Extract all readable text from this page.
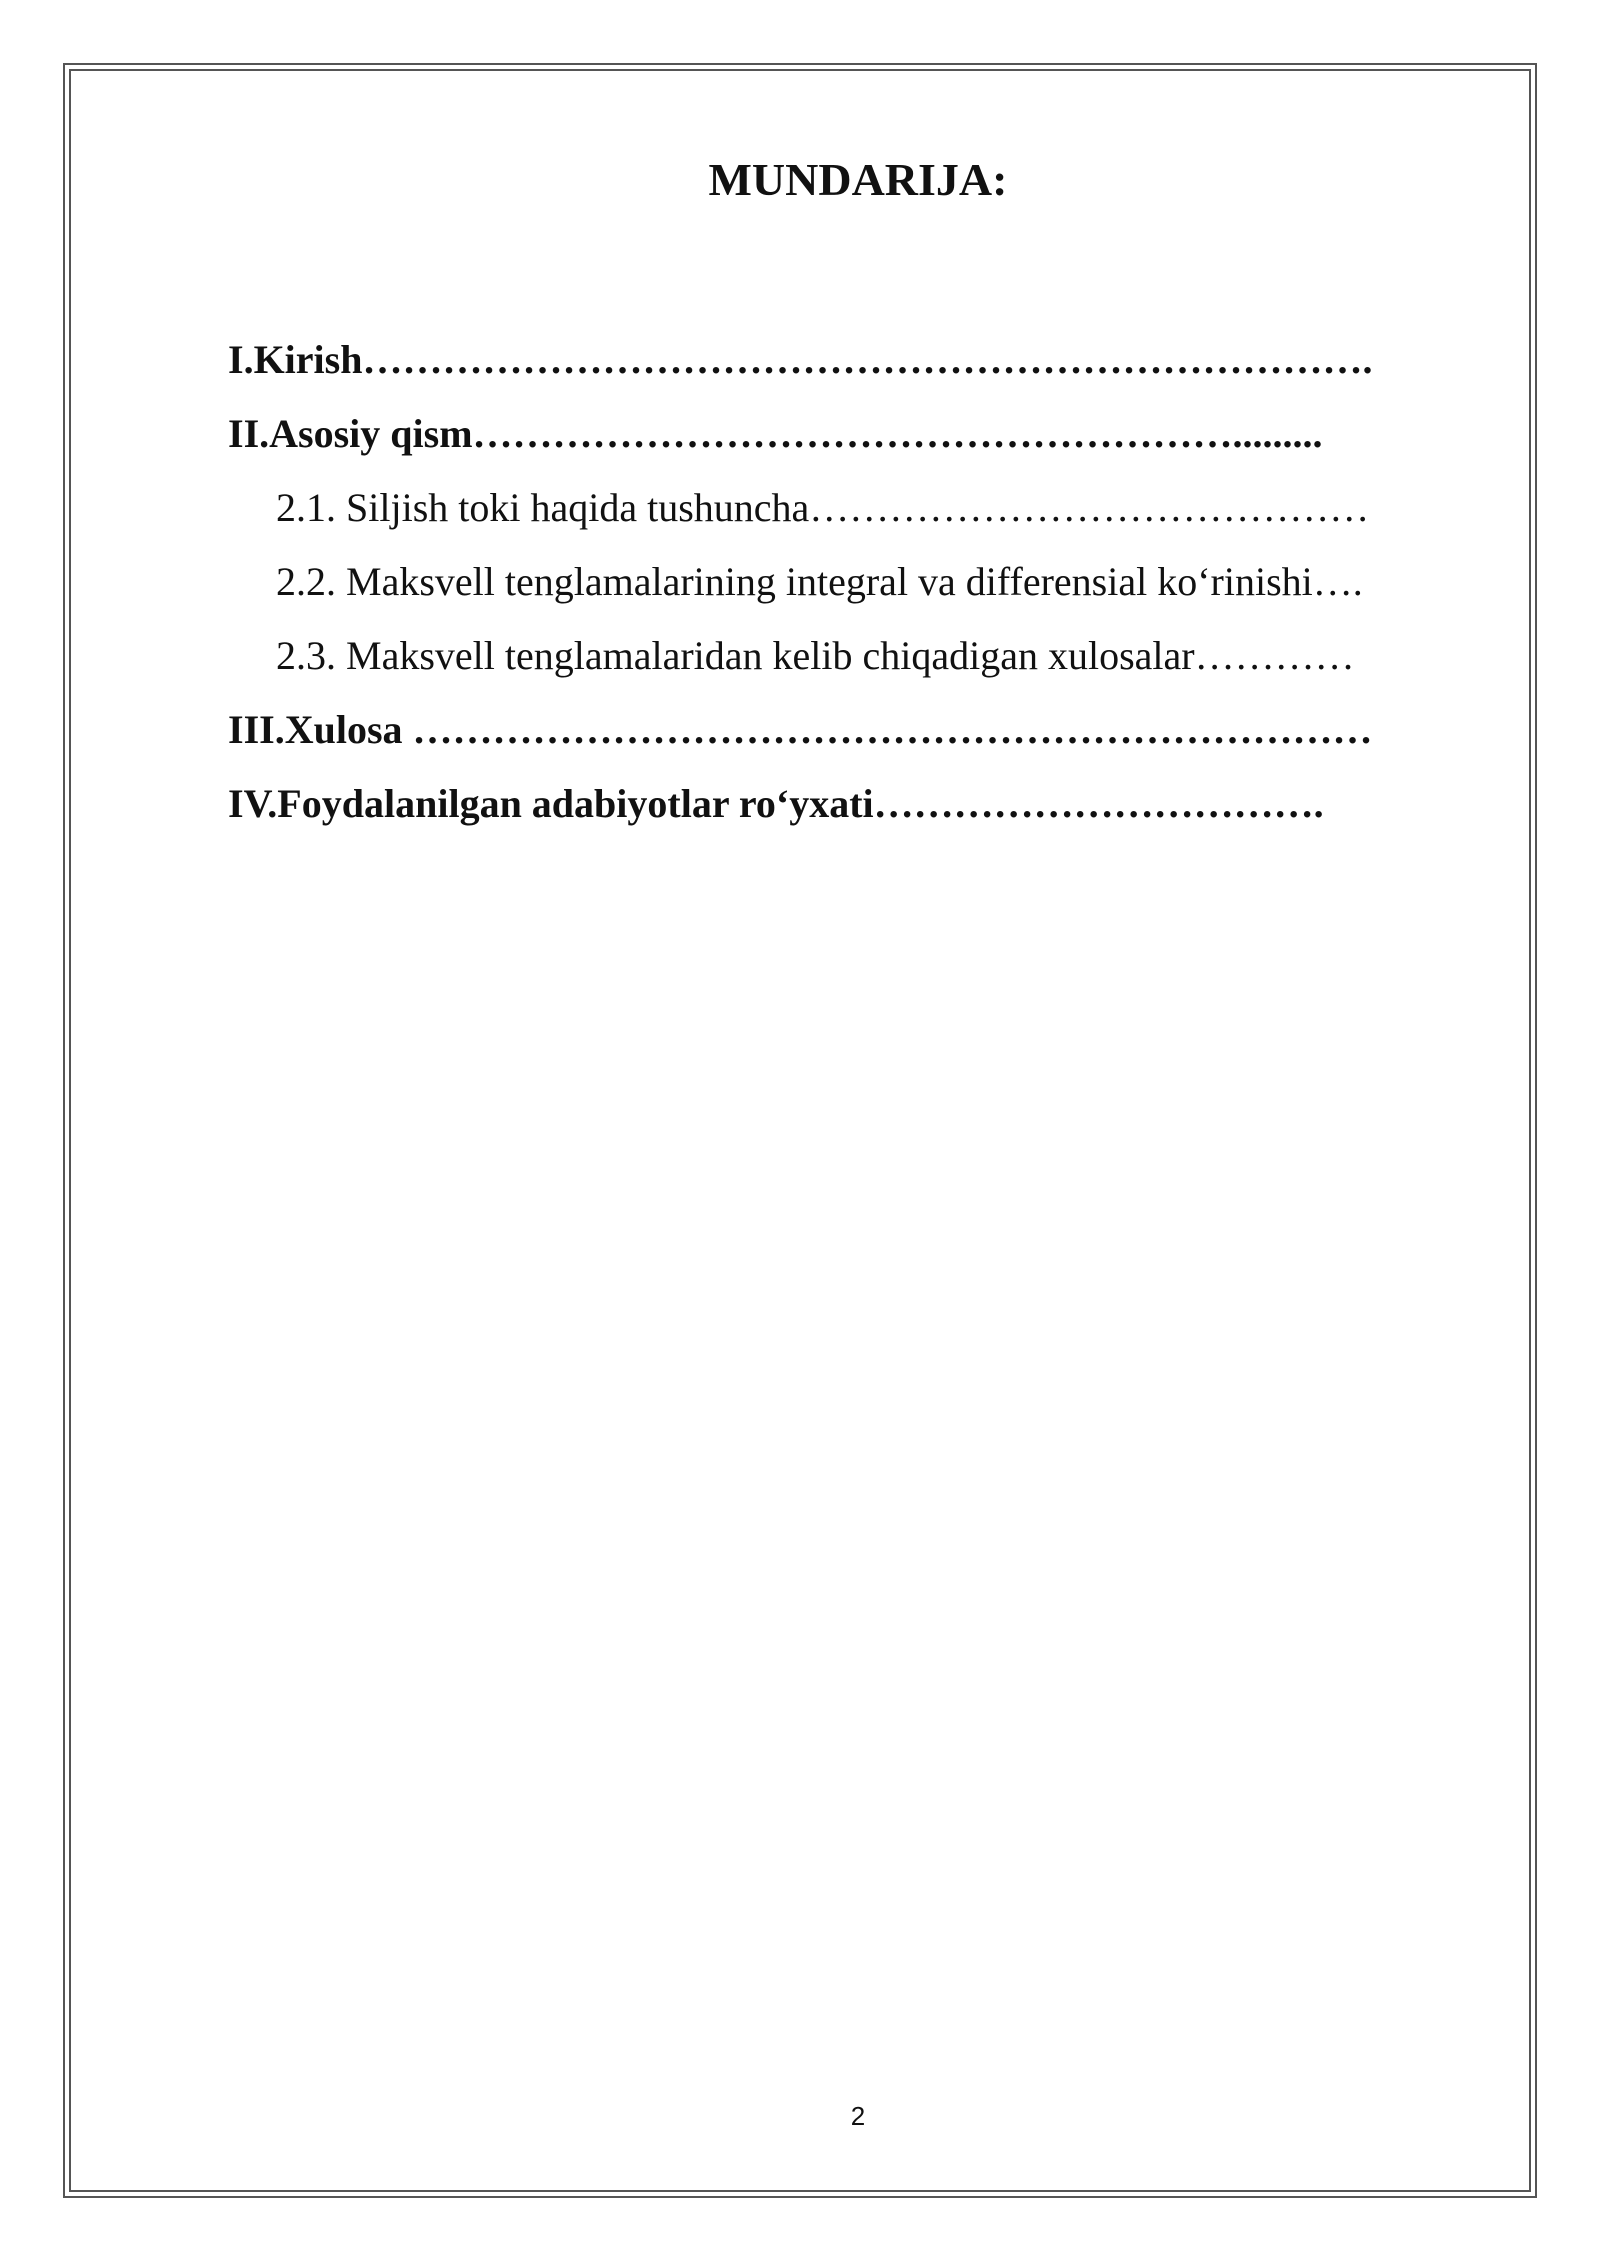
MUNDARIJA:
I.Kirish………………………………………………………………….
II.Asosiy qism………………………………………………….........
2.1. Siljish toki haqida tushuncha……………………………………
2.2. Maksvell tenglamalarining integral va differensial ko‘rinishi….
2.3. Maksvell tenglamalaridan kelib chiqadigan xulosalar…………
III.Xulosa ………………………………………………………………
IV.Foydalanilgan adabiyotlar ro‘yxati…………………………….
2
